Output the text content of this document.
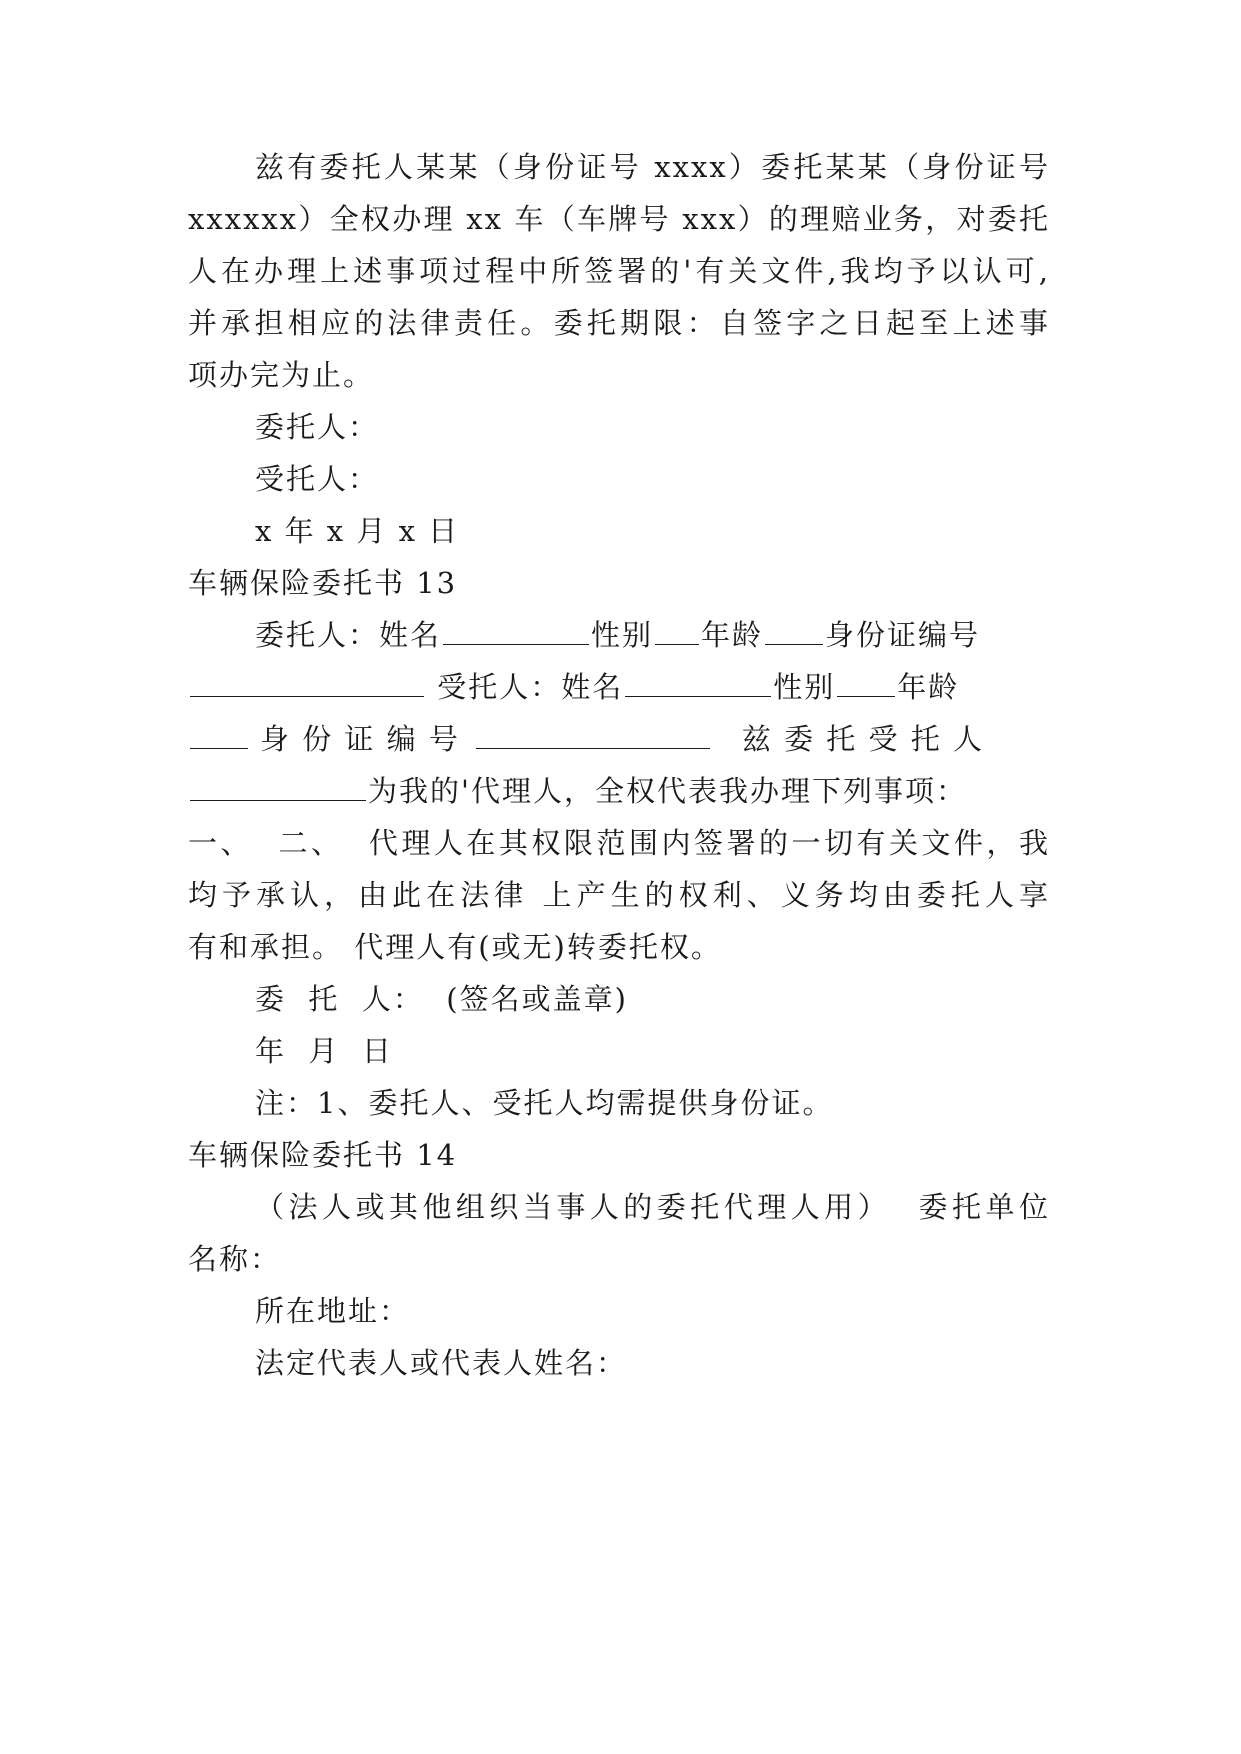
兹有委托人某某（身份证号 xxxx）委托某某（身份证号
xxxxxx）全权办理 xx 车（车牌号 xxx）的理赔业务，对委托
人在办理上述事项过程中所签署的'有关文件,我均予以认可,
并承担相应的法律责任。委托期限：自签字之日起至上述事
项办完为止。
委托人：
受托人：
x 年 x 月 x 日
车辆保险委托书 13
委托人：姓名	性别 年龄 身份证编号
受托人：姓名	性别 年龄
身 份 证 编 号	兹 委 托 受 托 人
为我的'代理人，全权代表我办理下列事项：
一、  二、  代理人在其权限范围内签署的一切有关文件，我
均予承认，由此在法律 上产生的权利、义务均由委托人享
有和承担。 代理人有(或无)转委托权。
委  托  人：  (签名或盖章)
年  月  日
注：1、委托人、受托人均需提供身份证。
车辆保险委托书 14
（法人或其他组织当事人的委托代理人用）  委托单位
名称：
所在地址：
法定代表人或代表人姓名：
